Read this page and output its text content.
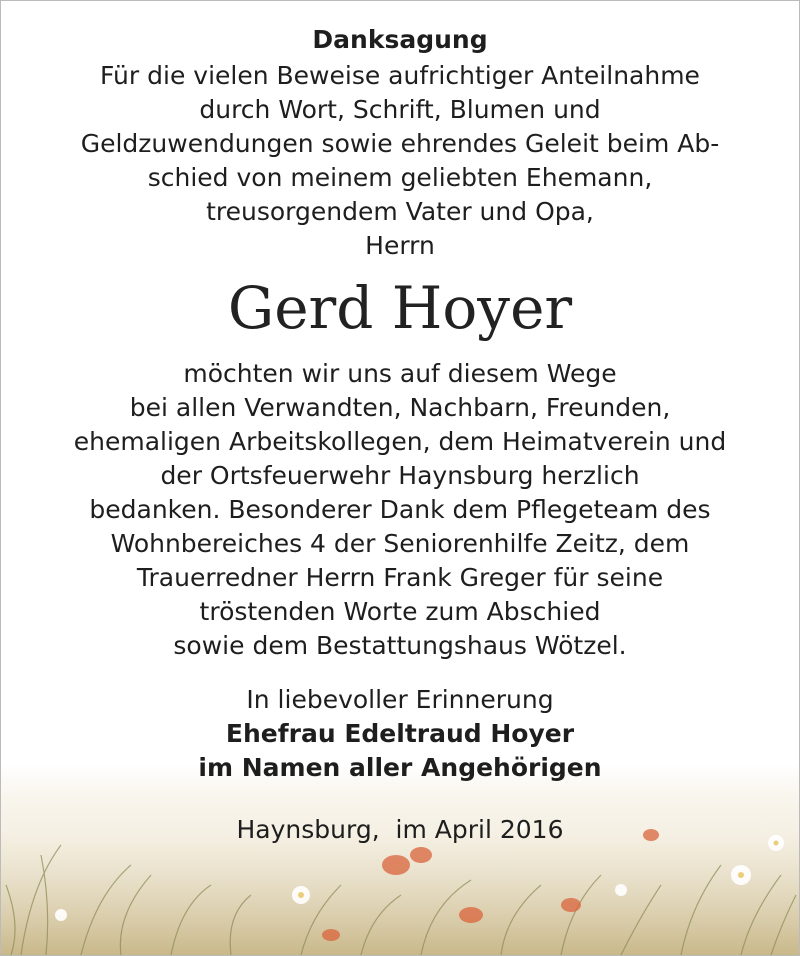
Danksagung
Für die vielen Beweise aufrichtiger Anteilnahme
durch Wort, Schrift, Blumen und
Geldzuwendungen sowie ehrendes Geleit beim Ab-
schied von meinem geliebten Ehemann,
treusorgendem Vater und Opa,
Herrn
Gerd Hoyer
möchten wir uns auf diesem Wege
bei allen Verwandten, Nachbarn, Freunden,
ehemaligen Arbeitskollegen, dem Heimatverein und
der Ortsfeuerwehr Haynsburg herzlich
bedanken. Besonderer Dank dem Pflegeteam des
Wohnbereiches 4 der Seniorenhilfe Zeitz, dem
Trauerredner Herrn Frank Greger für seine
tröstenden Worte zum Abschied
sowie dem Bestattungshaus Wötzel.
In liebevoller Erinnerung
Ehefrau Edeltraud Hoyer
im Namen aller Angehörigen
Haynsburg,  im April 2016
